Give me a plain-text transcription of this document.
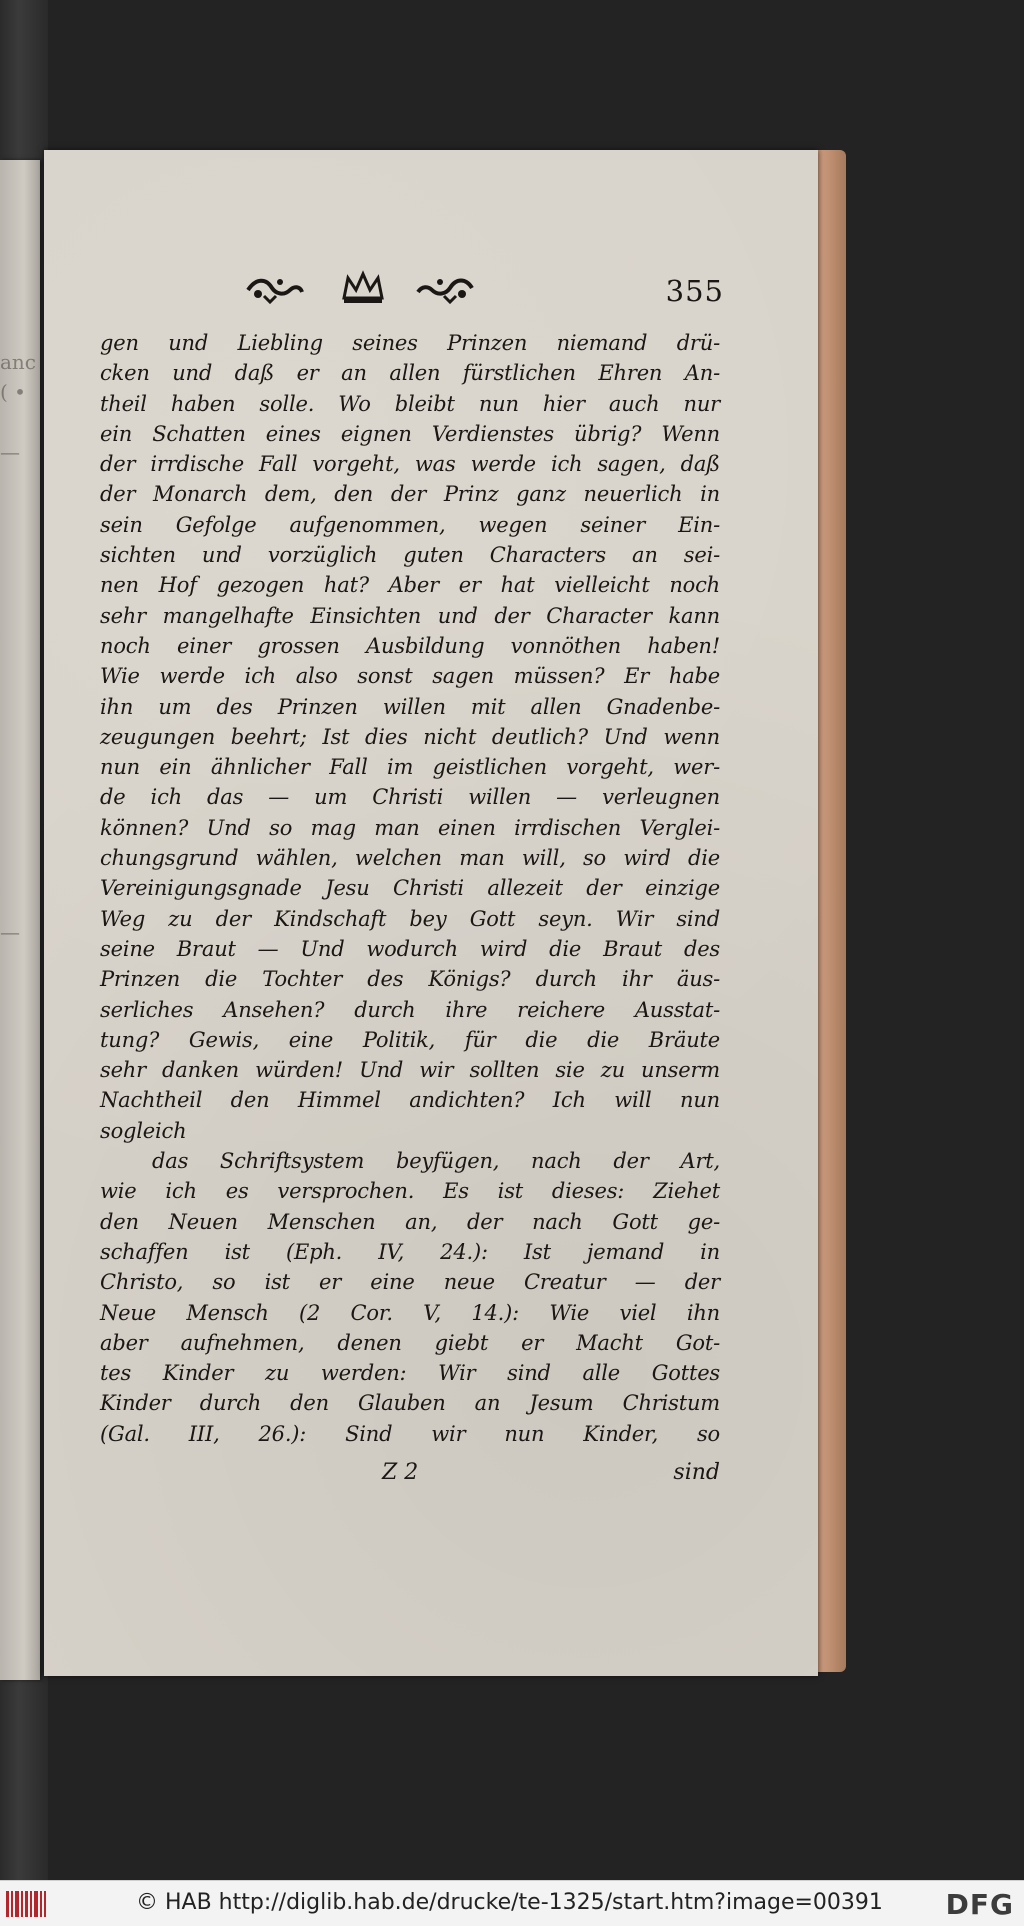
anc
( •
—
—
355
gen und Liebling seines Prinzen niemand drü-
cken und daß er an allen fürstlichen Ehren An-
theil haben solle. Wo bleibt nun hier auch nur
ein Schatten eines eignen Verdienstes übrig? Wenn
der irrdische Fall vorgeht, was werde ich sagen, daß
der Monarch dem, den der Prinz ganz neuerlich in
sein Gefolge aufgenommen, wegen seiner Ein-
sichten und vorzüglich guten Characters an sei-
nen Hof gezogen hat? Aber er hat vielleicht noch
sehr mangelhafte Einsichten und der Character kann
noch einer grossen Ausbildung vonnöthen haben!
Wie werde ich also sonst sagen müssen? Er habe
ihn um des Prinzen willen mit allen Gnadenbe-
zeugungen beehrt; Ist dies nicht deutlich? Und wenn
nun ein ähnlicher Fall im geistlichen vorgeht, wer-
de ich das — um Christi willen — verleugnen
können? Und so mag man einen irrdischen Verglei-
chungsgrund wählen, welchen man will, so wird die
Vereinigungsgnade Jesu Christi allezeit der einzige
Weg zu der Kindschaft bey Gott seyn. Wir sind
seine Braut — Und wodurch wird die Braut des
Prinzen die Tochter des Königs? durch ihr äus-
serliches Ansehen? durch ihre reichere Ausstat-
tung? Gewis, eine Politik, für die die Bräute
sehr danken würden! Und wir sollten sie zu unserm
Nachtheil den Himmel andichten? Ich will nun
sogleich
das Schriftsystem beyfügen, nach der Art,
wie ich es versprochen. Es ist dieses: Ziehet
den Neuen Menschen an, der nach Gott ge-
schaffen ist (Eph. IV, 24.): Ist jemand in
Christo, so ist er eine neue Creatur — der
Neue Mensch (2 Cor. V, 14.): Wie viel ihn
aber aufnehmen, denen giebt er Macht Got-
tes Kinder zu werden: Wir sind alle Gottes
Kinder durch den Glauben an Jesum Christum
(Gal. III, 26.): Sind wir nun Kinder, so
Z 2	sind
© HAB http://diglib.hab.de/drucke/te-1325/start.htm?image=00391 DFG
